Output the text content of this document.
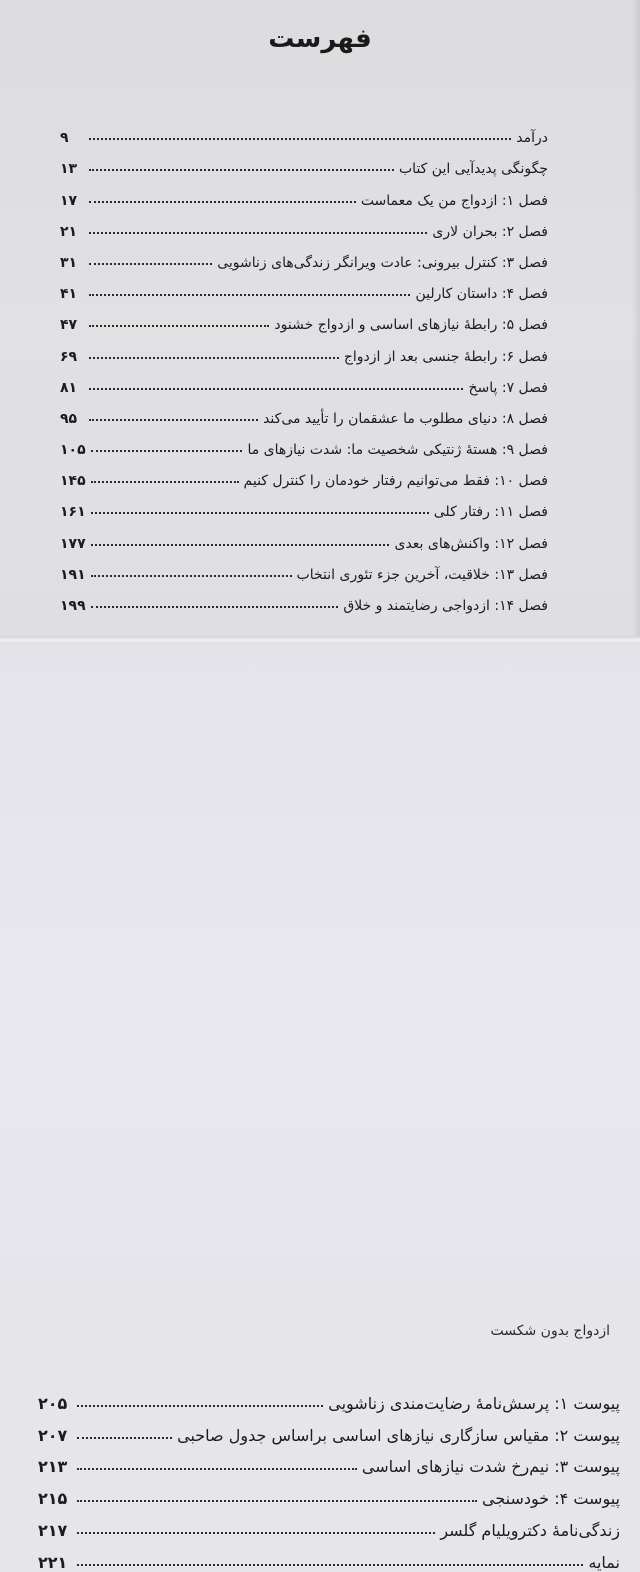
فهرست
درآمد
۹
چگونگی پدیدآیی این کتاب
۱۳
فصل ۱: ازدواج من یک معماست
۱۷
فصل ۲: بحران لاری
۲۱
فصل ۳: کنترل بیرونی: عادت ویرانگر زندگی‌های زناشویی
۳۱
فصل ۴: داستان کارلین
۴۱
فصل ۵: رابطهٔ نیازهای اساسی و ازدواج خشنود
۴۷
فصل ۶: رابطهٔ جنسی بعد از ازدواج
۶۹
فصل ۷: پاسخ
۸۱
فصل ۸: دنیای مطلوب ما عشقمان را تأیید می‌کند
۹۵
فصل ۹: هستهٔ ژنتیکی شخصیت ما: شدت نیازهای ما
۱۰۵
فصل ۱۰: فقط می‌توانیم رفتار خودمان را کنترل کنیم
۱۴۵
فصل ۱۱: رفتار کلی
۱۶۱
فصل ۱۲: واکنش‌های بعدی
۱۷۷
فصل ۱۳: خلاقیت، آخرین جزء تئوری انتخاب
۱۹۱
فصل ۱۴: ازدواجی رضایتمند و خلاق
۱۹۹
ازدواج بدون شکست
پیوست ۱: پرسش‌نامهٔ رضایت‌مندی زناشویی
۲۰۵
پیوست ۲: مقیاس سازگاری نیازهای اساسی براساس جدول صاحبی
۲۰۷
پیوست ۳: نیم‌رخ شدت نیازهای اساسی
۲۱۳
پیوست ۴: خودسنجی
۲۱۵
زندگی‌نامهٔ دکترویلیام گلسر
۲۱۷
نمایه
۲۲۱
